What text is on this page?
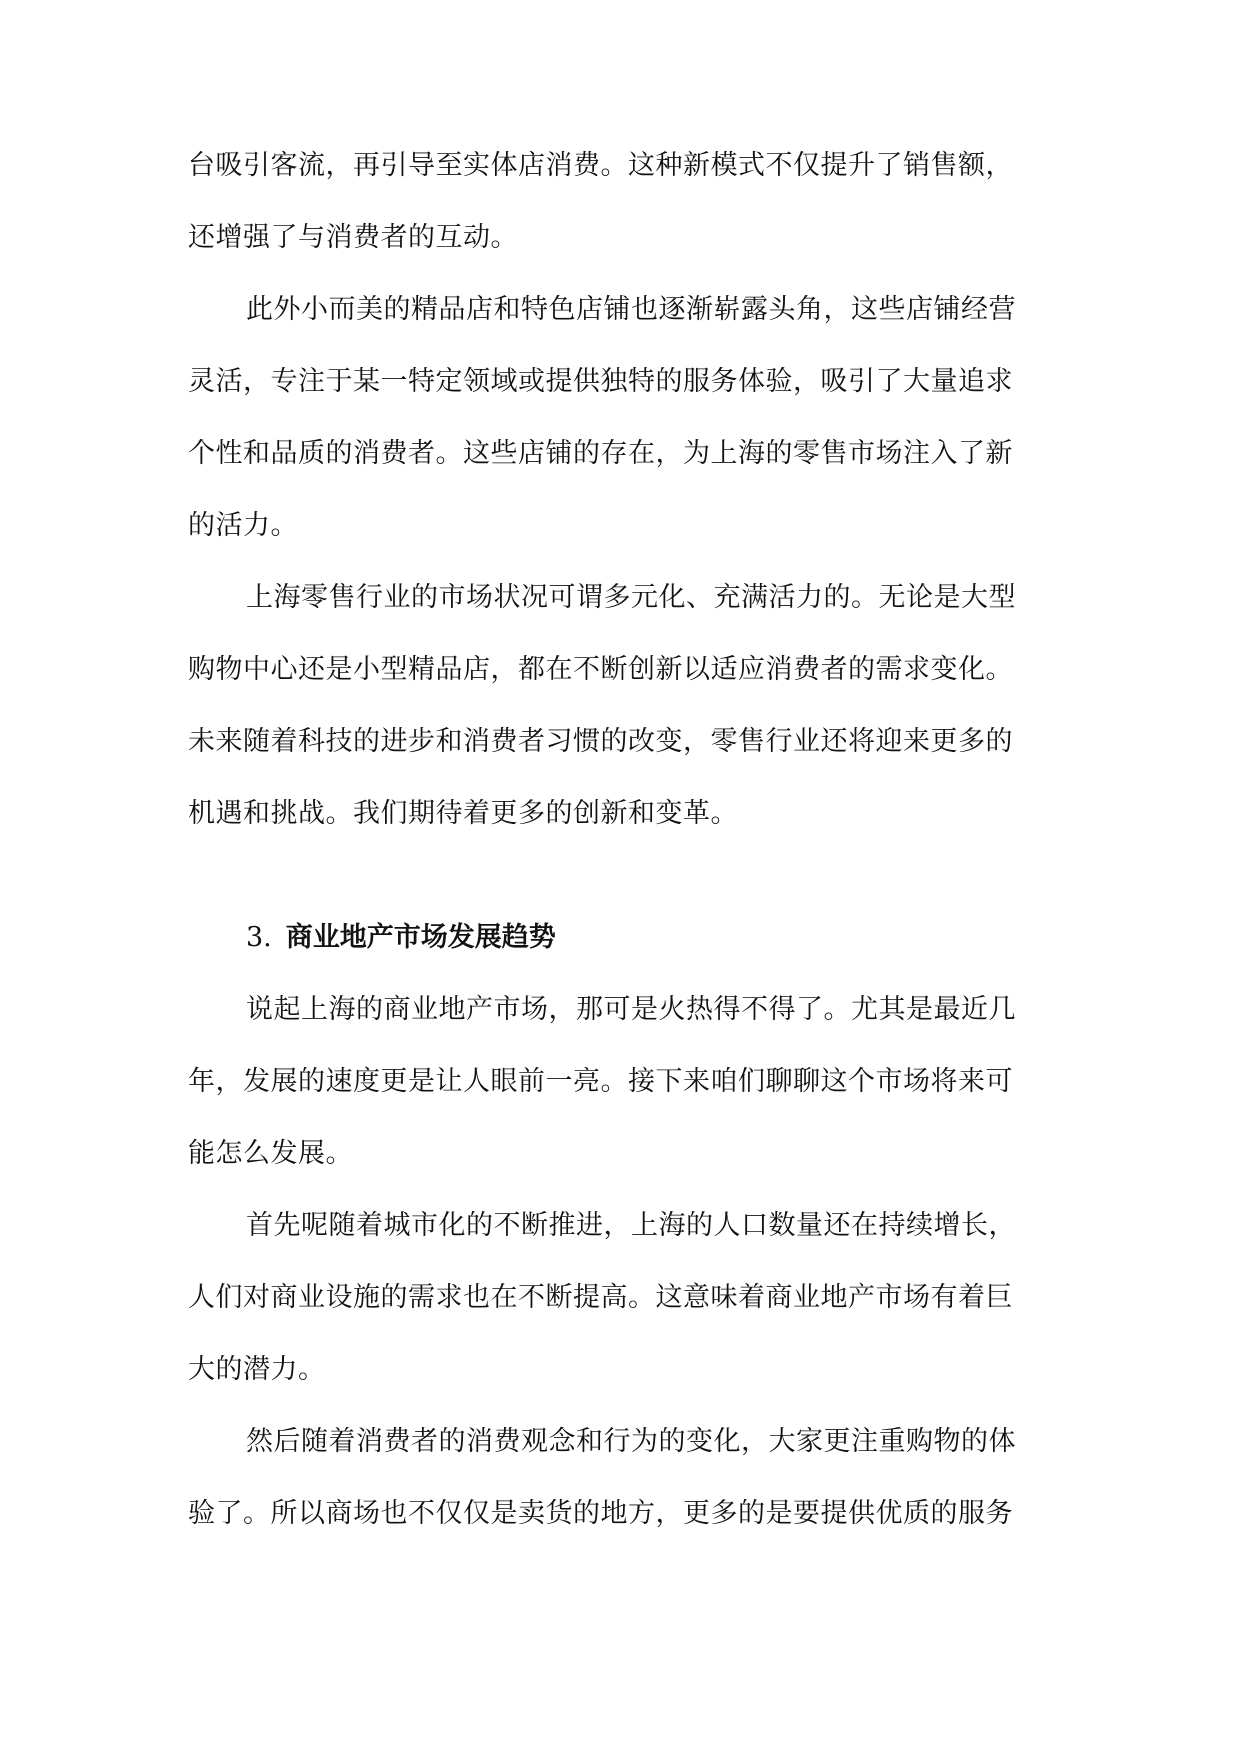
台吸引客流，再引导至实体店消费。这种新模式不仅提升了销售额，
还增强了与消费者的互动。
此外小而美的精品店和特色店铺也逐渐崭露头角，这些店铺经营
灵活，专注于某一特定领域或提供独特的服务体验，吸引了大量追求
个性和品质的消费者。这些店铺的存在，为上海的零售市场注入了新
的活力。
上海零售行业的市场状况可谓多元化、充满活力的。无论是大型
购物中心还是小型精品店，都在不断创新以适应消费者的需求变化。
未来随着科技的进步和消费者习惯的改变，零售行业还将迎来更多的
机遇和挑战。我们期待着更多的创新和变革。
3. 商业地产市场发展趋势
说起上海的商业地产市场，那可是火热得不得了。尤其是最近几
年，发展的速度更是让人眼前一亮。接下来咱们聊聊这个市场将来可
能怎么发展。
首先呢随着城市化的不断推进，上海的人口数量还在持续增长，
人们对商业设施的需求也在不断提高。这意味着商业地产市场有着巨
大的潜力。
然后随着消费者的消费观念和行为的变化，大家更注重购物的体
验了。所以商场也不仅仅是卖货的地方，更多的是要提供优质的服务
